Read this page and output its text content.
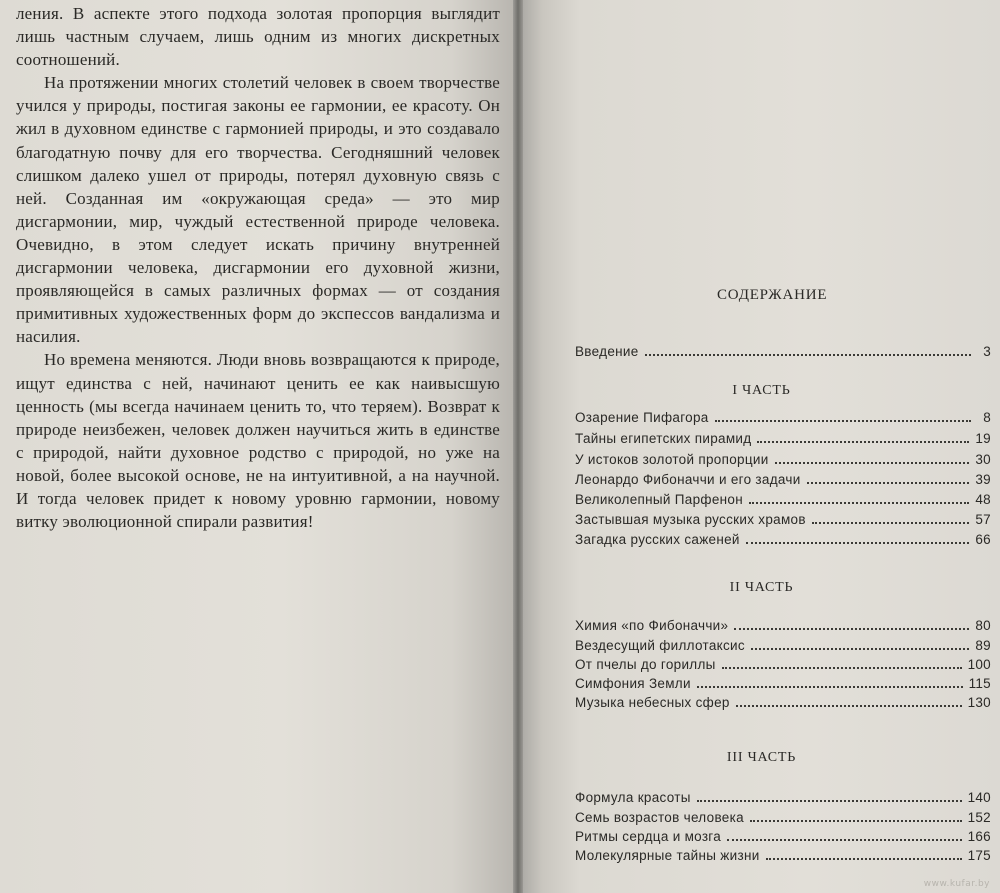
ления. В аспекте этого подхода золотая пропорция выглядит лишь частным случаем, лишь одним из многих дискретных соотношений.

На протяжении многих столетий человек в своем творчестве учился у природы, постигая законы ее гармонии, ее красоту. Он жил в духовном единстве с гармонией природы, и это создавало благодатную почву для его творчества. Сегодняшний человек слишком далеко ушел от природы, потерял духовную связь с ней. Созданная им «окружающая среда» — это мир дисгармонии, мир, чуждый естественной природе человека. Очевидно, в этом следует искать причину внутренней дисгармонии человека, дисгармонии его духовной жизни, проявляющейся в самых различных формах — от создания примитивных художественных форм до экспессов вандализма и насилия.

Но времена меняются. Люди вновь возвращаются к природе, ищут единства с ней, начинают ценить ее как наивысшую ценность (мы всегда начинаем ценить то, что теряем). Возврат к природе неизбежен, человек должен научиться жить в единстве с природой, найти духовное родство с природой, но уже на новой, более высокой основе, не на интуитивной, а на научной. И тогда человек придет к новому уровню гармонии, новому витку эволюционной спирали развития!

СОДЕРЖАНИЕ
Введение	3
I ЧАСТЬ
Озарение Пифагора	8
Тайны египетских пирамид	19
У истоков золотой пропорции	30
Леонардо Фибоначчи и его задачи	39
Великолепный Парфенон	48
Застывшая музыка русских храмов	57
Загадка русских саженей	66
II ЧАСТЬ
Химия «по Фибоначчи»	80
Вездесущий филлотаксис	89
От пчелы до гориллы	100
Симфония Земли	115
Музыка небесных сфер	130
III ЧАСТЬ
Формула красоты	140
Семь возрастов человека	152
Ритмы сердца и мозга	166
Молекулярные тайны жизни	175
www.kufar.by
